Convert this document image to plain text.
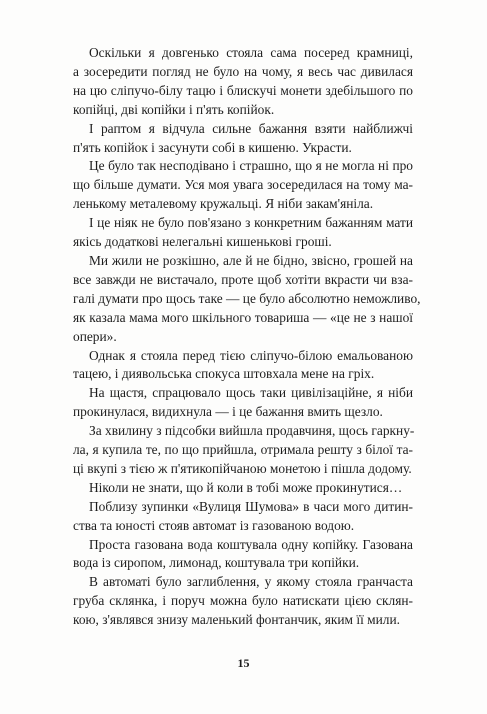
Оскільки я довгенько стояла сама посеред крамниці,
а зосередити погляд не було на чому, я весь час дивилася
на цю сліпучо-білу тацю і блискучі монети здебільшого по
копійці, дві копійки і п'ять копійок.

І раптом я відчула сильне бажання взяти найближчі
п'ять копійок і засунути собі в кишеню. Украсти.

Це було так несподівано і страшно, що я не могла ні про
що більше думати. Уся моя увага зосередилася на тому ма-
ленькому металевому кружальці. Я ніби закам'яніла.

І це ніяк не було пов'язано з конкретним бажанням мати
якісь додаткові нелегальні кишенькові гроші.

Ми жили не розкішно, але й не бідно, звісно, грошей на
все завжди не вистачало, проте щоб хотіти вкрасти чи взa-
галі думати про щось таке — це було абсолютно неможливо,
як казала мама мого шкільного товариша — «це не з нашої
опери».

Однак я стояла перед тією сліпучо-білою емальованою
тацею, і диявольська спокуса штовхала мене на гріх.

На щастя, спрацювало щось таки цивілізаційне, я ніби
прокинулася, видихнула — і це бажання вмить щезло.

За хвилину з підсобки вийшла продавчиня, щось гаркну-
ла, я купила те, по що прийшла, отримала решту з білої та-
ці вкупі з тією ж п'ятикопійчаною монетою і пішла додому.

Ніколи не знати, що й коли в тобі може прокинутися…

Поблизу зупинки «Вулиця Шумова» в часи мого дитин-
ства та юності стояв автомат із газованою водою.

Проста газована вода коштувала одну копійку. Газована
вода із сиропом, лимонад, коштувала три копійки.

В автоматі було заглиблення, у якому стояла гранчаста
груба склянка, і поруч можна було натискати цією склян-
кою, з'являвся знизу маленький фонтанчик, яким її мили.

15
